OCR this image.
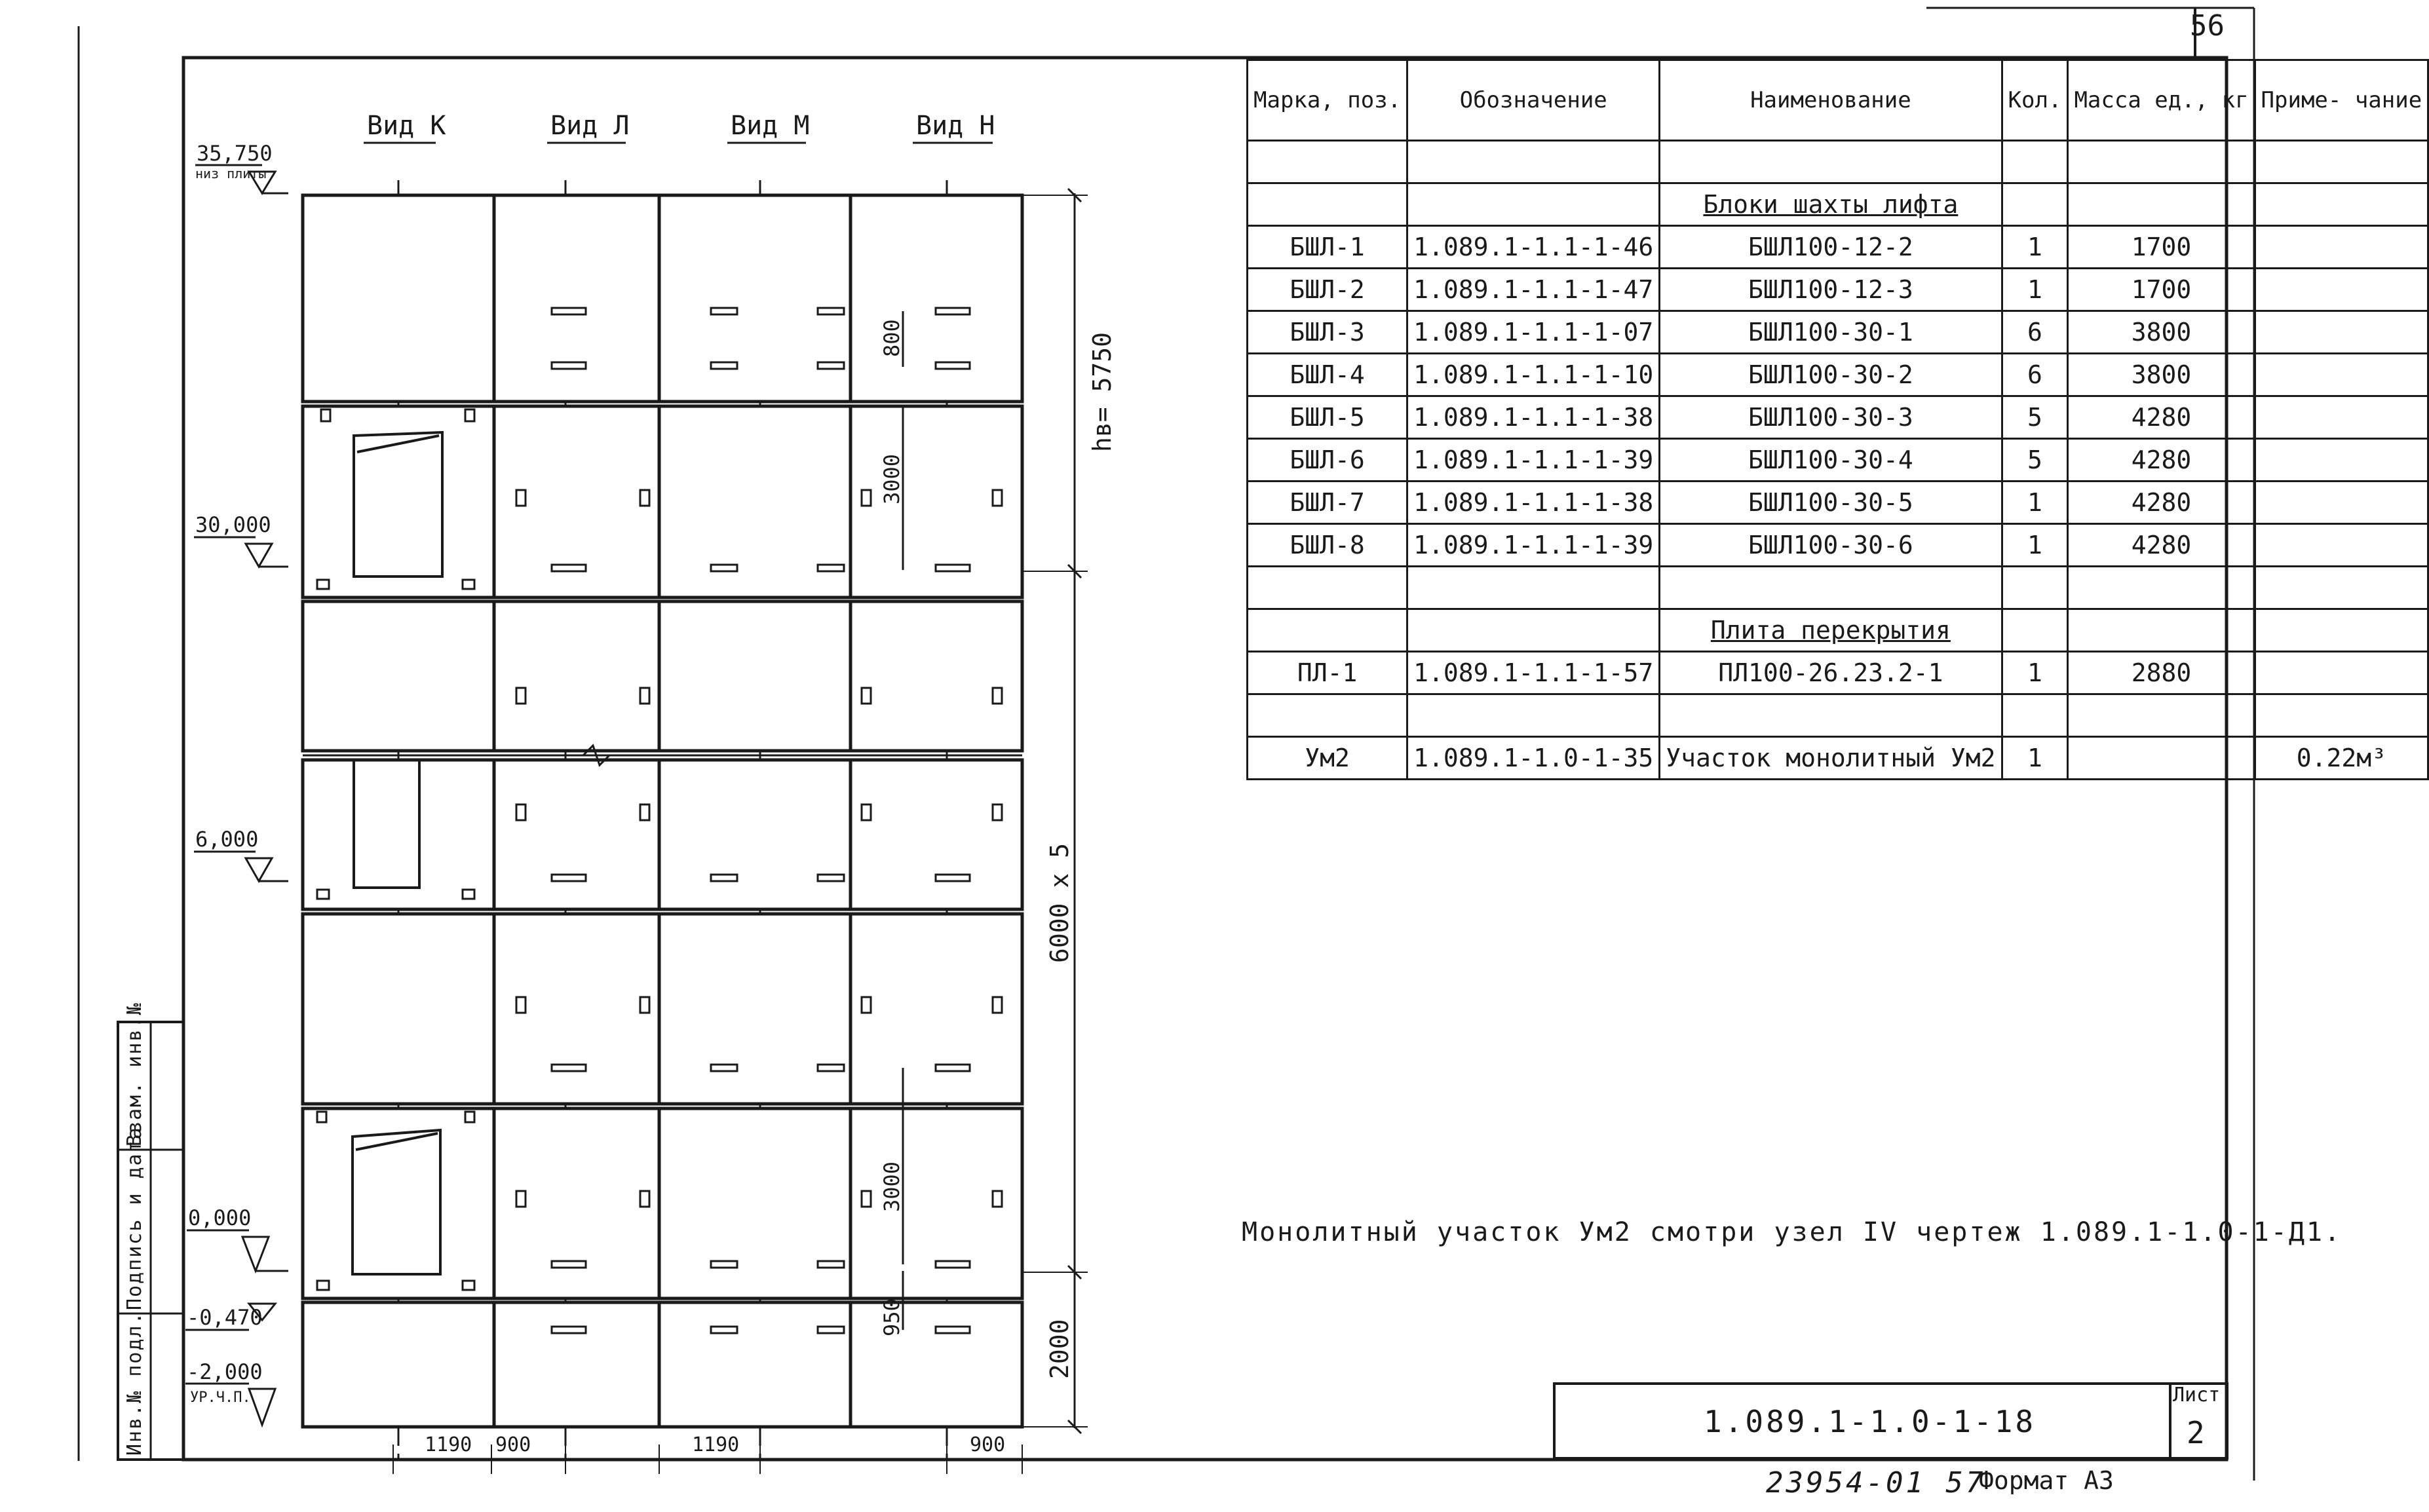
Вид К	Вид Л	Вид М	Вид Н
hв= 5750
6000 x 5
2000
800
3000
3000
950
35,750
низ плиты
30,000
6,000
0,000
-0,470
-2,000
УР.Ч.П.
1190 900	1190	900
Марка, поз.	Обозначение	Наименование	Кол.	Масса ед., кг	Приме- чание

		Блоки шахты лифта			
БШЛ-1	1.089.1-1.1-1-46	БШЛ100-12-2	1	1700	
БШЛ-2	1.089.1-1.1-1-47	БШЛ100-12-3	1	1700	
БШЛ-3	1.089.1-1.1-1-07	БШЛ100-30-1	6	3800	
БШЛ-4	1.089.1-1.1-1-10	БШЛ100-30-2	6	3800	
БШЛ-5	1.089.1-1.1-1-38	БШЛ100-30-3	5	4280	
БШЛ-6	1.089.1-1.1-1-39	БШЛ100-30-4	5	4280	
БШЛ-7	1.089.1-1.1-1-38	БШЛ100-30-5	1	4280	
БШЛ-8	1.089.1-1.1-1-39	БШЛ100-30-6	1	4280	

		Плита перекрытия			
ПЛ-1	1.089.1-1.1-1-57	ПЛ100-26.23.2-1	1	2880	

Ум2	1.089.1-1.0-1-35	Участок монолитный Ум2	1		0.22м³
Монолитный участок Ум2 смотри узел IV чертеж 1.089.1-1.0-1-Д1.
56
1.089.1-1.0-1-18
Лист
2
23954-01 57
Формат А3
Инв.№ подл.
Подпись и дата
Взам. инв.№
